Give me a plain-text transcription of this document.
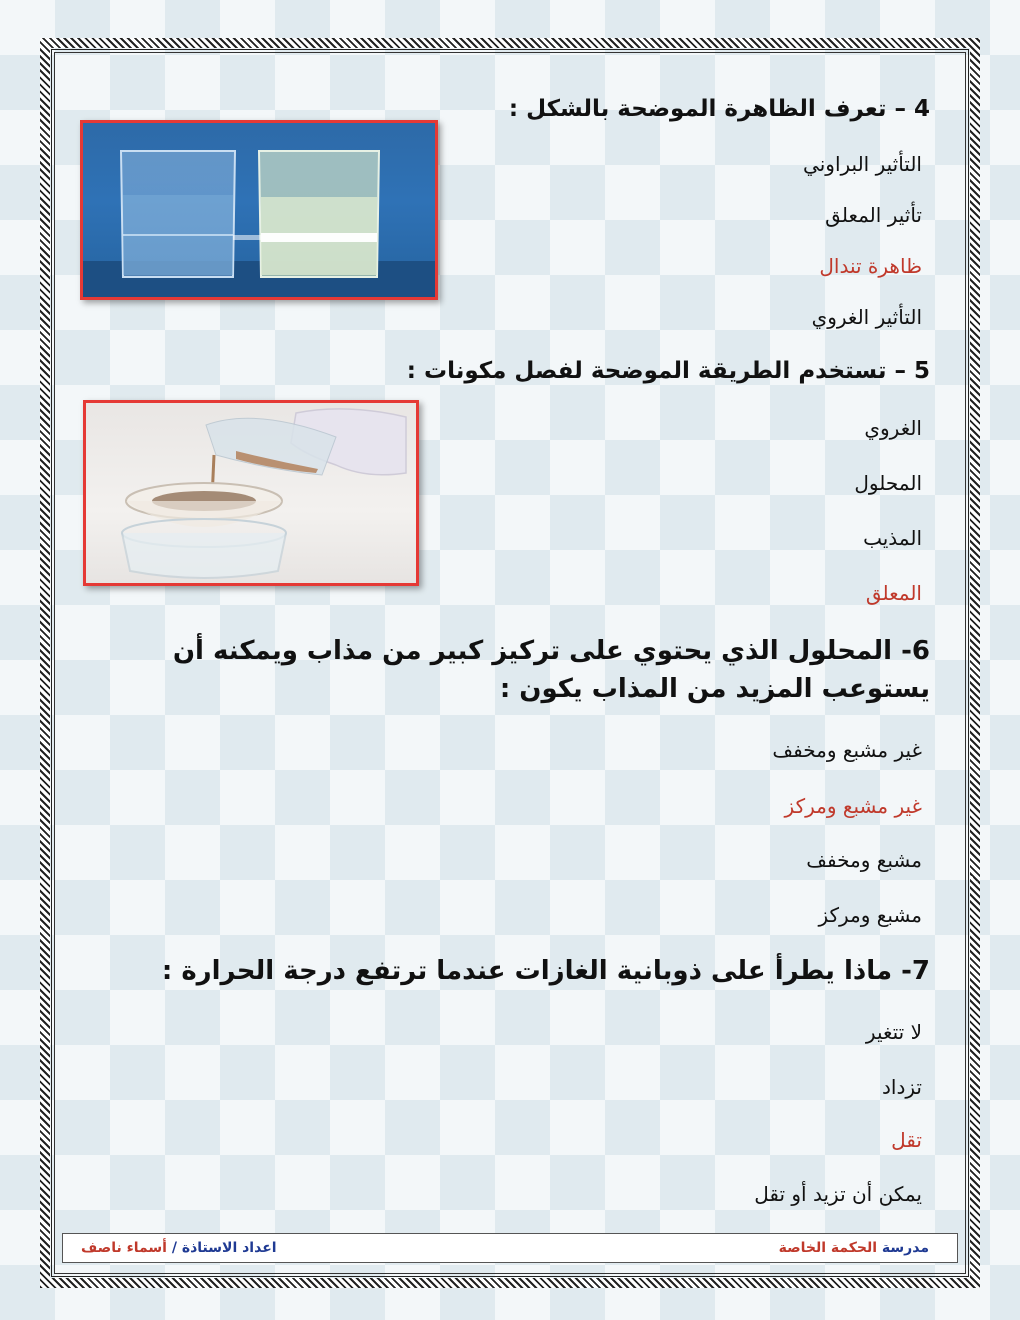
4 – تعرف الظاهرة الموضحة بالشكل :
التأثير البراوني
تأثير المعلق
ظاهرة تندال
التأثير الغروي
5 – تستخدم الطريقة الموضحة لفصل مكونات :
الغروي
المحلول
المذيب
المعلق
6- المحلول الذي يحتوي على تركيز كبير من مذاب ويمكنه أن يستوعب المزيد من المذاب يكون :
غير مشبع ومخفف
غير مشبع ومركز
مشبع ومخفف
مشبع ومركز
7- ماذا يطرأ على ذوبانية الغازات عندما ترتفع درجة الحرارة :
لا تتغير
تزداد
تقل
يمكن أن تزيد أو تقل
مدرسة الحكمة الخاصة
اعداد الاستاذة / أسماء ناصف
